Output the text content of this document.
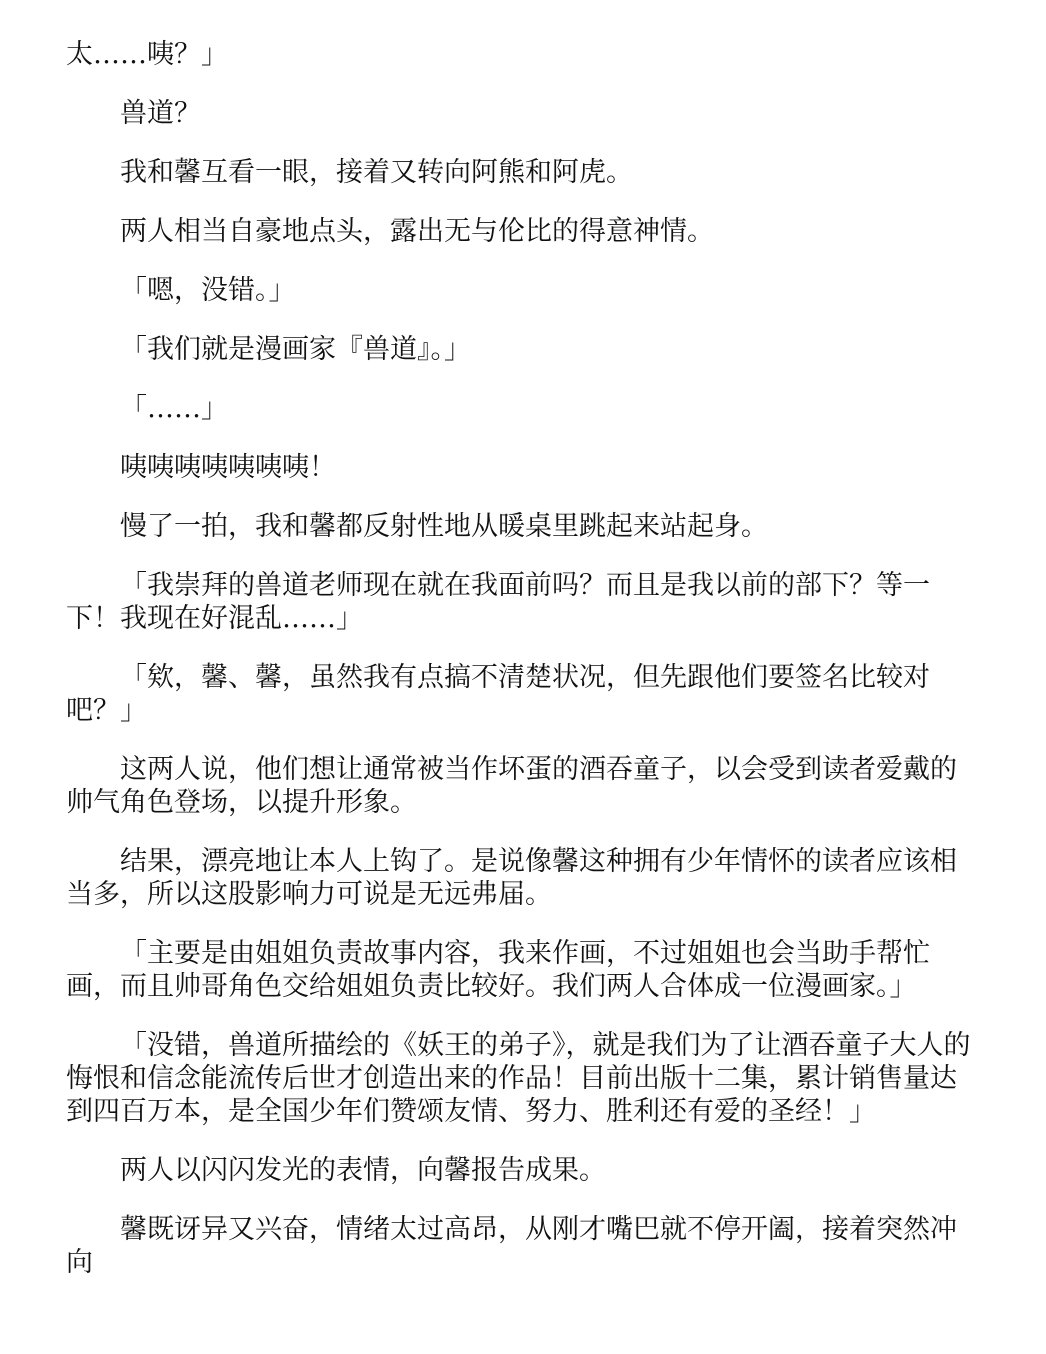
太……咦？」

兽道？

我和馨互看一眼，接着又转向阿熊和阿虎。

两人相当自豪地点头，露出无与伦比的得意神情。

「嗯，没错。」

「我们就是漫画家『兽道』。」

「……」

咦咦咦咦咦咦咦！

慢了一拍，我和馨都反射性地从暖桌里跳起来站起身。

「我崇拜的兽道老师现在就在我面前吗？而且是我以前的部下？等一下！我现在好混乱……」

「欸，馨、馨，虽然我有点搞不清楚状况，但先跟他们要签名比较对吧？」

这两人说，他们想让通常被当作坏蛋的酒吞童子，以会受到读者爱戴的帅气角色登场，以提升形象。

结果，漂亮地让本人上钩了。是说像馨这种拥有少年情怀的读者应该相当多，所以这股影响力可说是无远弗届。

「主要是由姐姐负责故事内容，我来作画，不过姐姐也会当助手帮忙画，而且帅哥角色交给姐姐负责比较好。我们两人合体成一位漫画家。」

「没错，兽道所描绘的《妖王的弟子》，就是我们为了让酒吞童子大人的悔恨和信念能流传后世才创造出来的作品！目前出版十二集，累计销售量达到四百万本，是全国少年们赞颂友情、努力、胜利还有爱的圣经！」

两人以闪闪发光的表情，向馨报告成果。

馨既讶异又兴奋，情绪太过高昂，从刚才嘴巴就不停开阖，接着突然冲向
